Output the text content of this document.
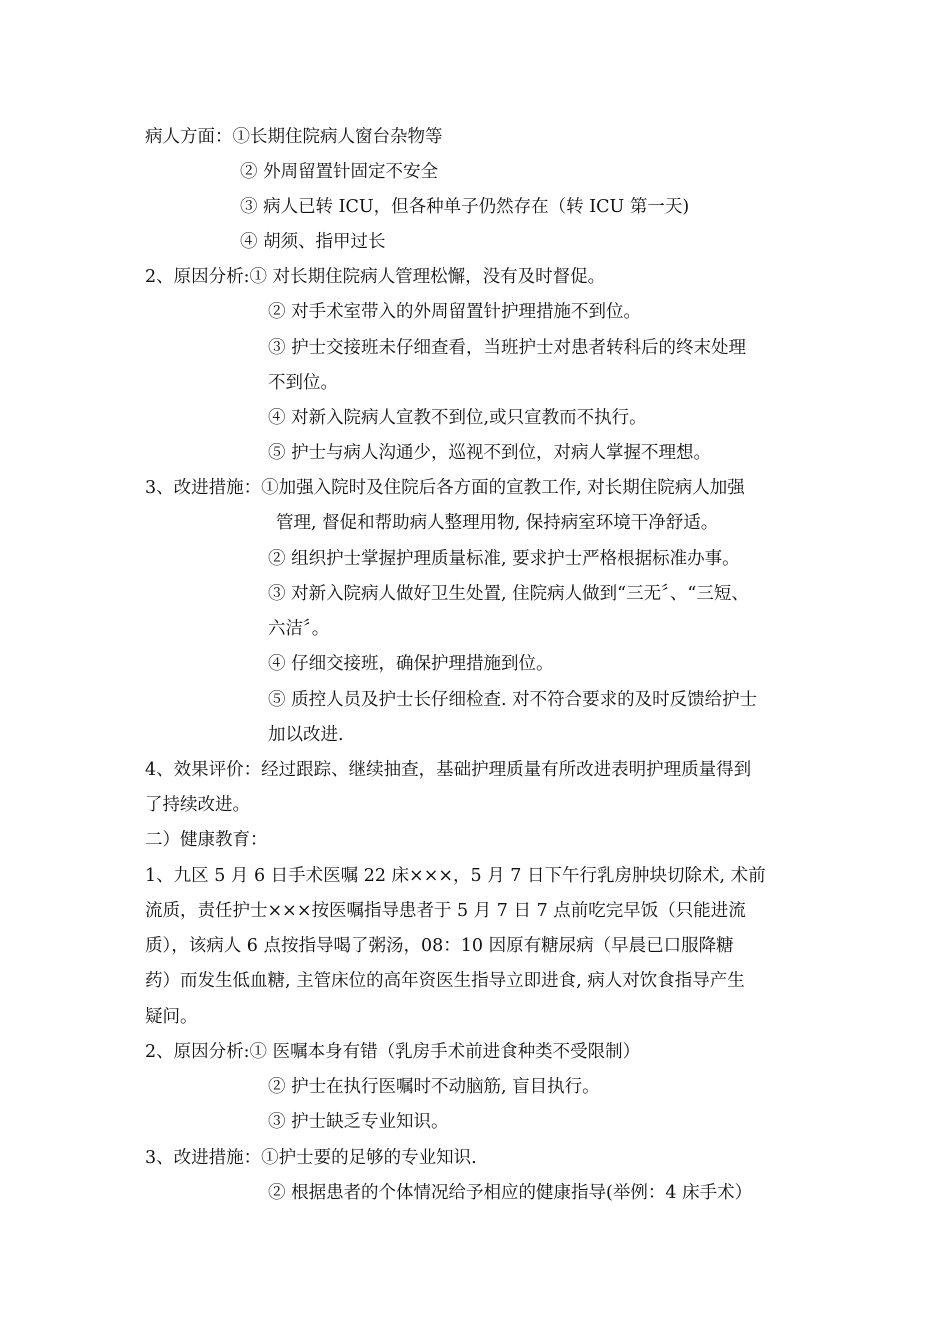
病人方面：①长期住院病人窗台杂物等
② 外周留置针固定不安全
③ 病人已转 ICU，但各种单子仍然存在（转 ICU 第一天)
④ 胡须、指甲过长
2、原因分析:① 对长期住院病人管理松懈，没有及时督促。
② 对手术室带入的外周留置针护理措施不到位。
③ 护士交接班未仔细查看，当班护士对患者转科后的终末处理
不到位。
④ 对新入院病人宣教不到位,或只宣教而不执行。
⑤ 护士与病人沟通少，巡视不到位，对病人掌握不理想。
3、改进措施：①加强入院时及住院后各方面的宣教工作, 对长期住院病人加强
管理, 督促和帮助病人整理用物, 保持病室环境干净舒适。
② 组织护士掌握护理质量标准, 要求护士严格根据标准办事。
③ 对新入院病人做好卫生处置, 住院病人做到“三无〞、“三短、
六洁〞。
④ 仔细交接班，确保护理措施到位。
⑤ 质控人员及护士长仔细检查. 对不符合要求的及时反馈给护士
加以改进.
4、效果评价：经过跟踪、继续抽查，基础护理质量有所改进表明护理质量得到
了持续改进。
二）健康教育：
1、九区 5 月 6 日手术医嘱 22 床×××，5 月 7 日下午行乳房肿块切除术, 术前
流质，责任护士×××按医嘱指导患者于 5 月 7 日 7 点前吃完早饭（只能进流
质），该病人 6 点按指导喝了粥汤，08：10 因原有糖尿病（早晨已口服降糖
药）而发生低血糖, 主管床位的高年资医生指导立即进食, 病人对饮食指导产生
疑问。
2、原因分析:① 医嘱本身有错（乳房手术前进食种类不受限制）
② 护士在执行医嘱时不动脑筋, 盲目执行。
③ 护士缺乏专业知识。
3、改进措施：①护士要的足够的专业知识.
② 根据患者的个体情况给予相应的健康指导(举例：4 床手术）
